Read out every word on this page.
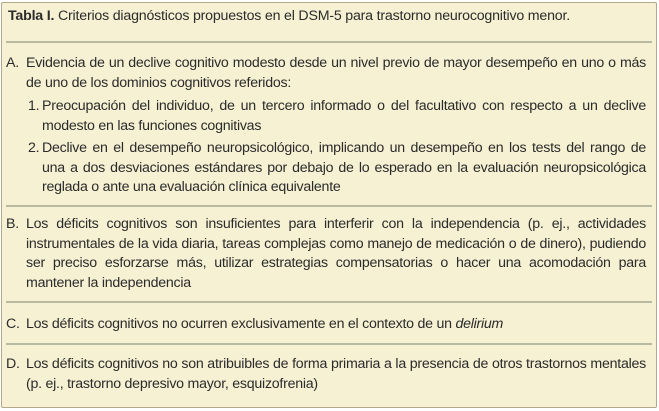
Tabla I. Criterios diagnósticos propuestos en el DSM-5 para trastorno neurocognitivo menor.
A. Evidencia de un declive cognitivo modesto desde un nivel previo de mayor desempeño en uno o más de uno de los dominios cognitivos referidos:
1. Preocupación del individuo, de un tercero informado o del facultativo con respecto a un declive modesto en las funciones cognitivas
2. Declive en el desempeño neuropsicológico, implicando un desempeño en los tests del rango de una a dos desviaciones estándares por debajo de lo esperado en la evaluación neuropsicológica reglada o ante una evaluación clínica equivalente
B. Los déficits cognitivos son insuficientes para interferir con la independencia (p. ej., actividades instrumentales de la vida diaria, tareas complejas como manejo de medicación o de dinero), pudiendo ser preciso esforzarse más, utilizar estrategias compensatorias o hacer una acomodación para mantener la independencia
C. Los déficits cognitivos no ocurren exclusivamente en el contexto de un delirium
D. Los déficits cognitivos no son atribuibles de forma primaria a la presencia de otros trastornos mentales (p. ej., trastorno depresivo mayor, esquizofrenia)
